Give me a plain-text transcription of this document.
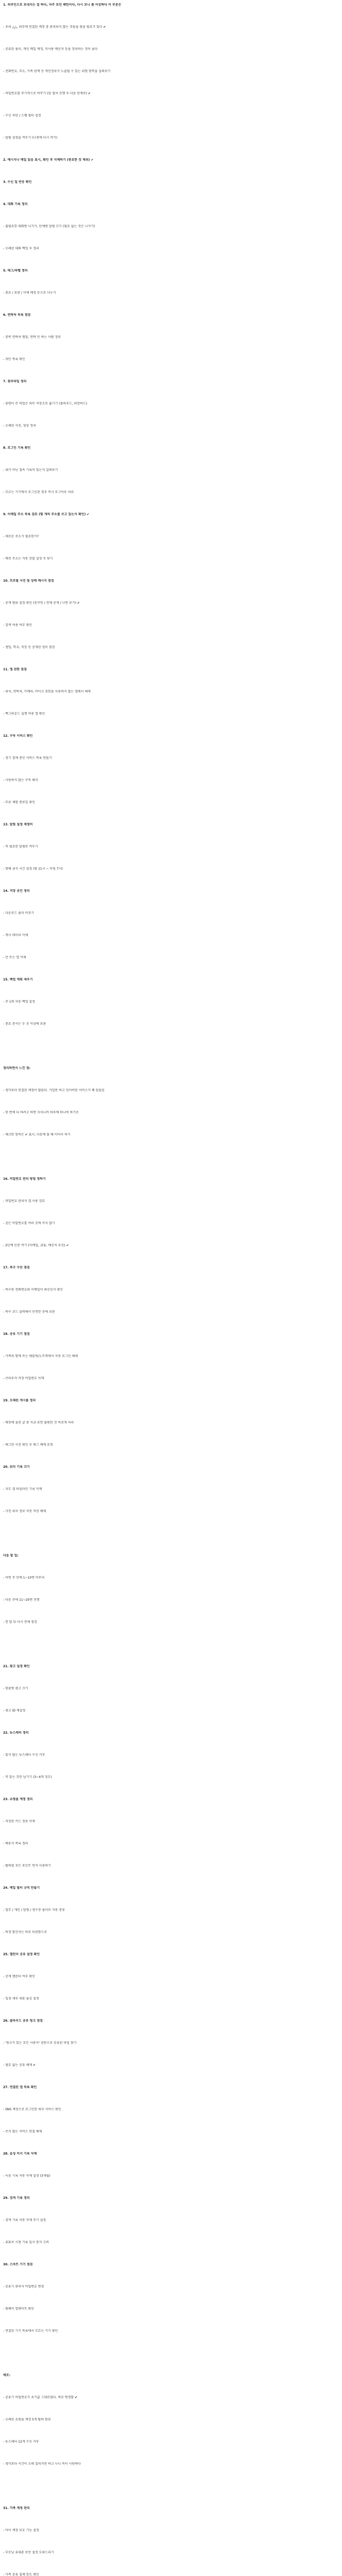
1. 외부인으로 보내지는 걸 하다, 자주 보던 패턴이다, 다시 보니 좀 이상하다 이 부분은
- 우리 △△, 외부에 연결된 계정 중 관리되지 않는 것들을 찾을 필요가 있다 ✔
- 공유된 폴더, 개인 메일 계정, 미사용 메신저 등을 정리하는 것이 좋다
- 전화번호, 주소, 가족 관계 등 개인정보가 노출될 수 있는 위험 항목을 살펴보기
- 비밀번호를 주기적으로 바꾸기 (앞 절차 진행 후 다음 단계로) ✔
- 수신 차단 / 스팸 필터 설정
- 알림 설정을 꺼두기 (나중에 다시 켜기)
2. 메시지나 메일 읽음 표시, 확인 후 삭제하기 (중요한 것 제외) ✔
3. 수신 일 반응 확인
4. 대화 기록 정리
- 불필요한 대화방 나가기, 단체방 알림 끄기 (필요 없는 것은 나가기)
- 오래된 대화 백업 후 정리
5. 태그/라벨 정리
- 중요 / 보관 / 삭제 예정 등으로 나누기
6. 연락처 목록 점검
- 중복 연락처 병합, 연락 안 하는 사람 정리
- 차단 목록 확인
7. 첨부파일 정리
- 용량이 큰 파일은 외부 저장소로 옮기기 (클라우드, 외장하드)
- 오래된 사진, 영상 정리
8. 로그인 기록 확인
- 내가 아닌 접속 기록이 있는지 살펴보기
- 모르는 기기에서 로그인된 경우 즉시 로그아웃 처리
9. 이메일 주소 목록 검토 (몇 개의 주소를 쓰고 있는지 확인) ✔
- 새로운 주소가 필요한가?
- 예전 주소는 자동 전달 설정 후 닫기
10. 프로필 사진 및 상태 메시지 점검
- 공개 범위 설정 확인 (친구만 / 전체 공개 / 나만 보기) ✔
- 검색 허용 여부 확인
- 생일, 학교, 직장 등 공개된 정보 점검
11. 앱 권한 점검
- 위치, 연락처, 카메라, 마이크 권한을 사용하지 않는 앱에서 해제
- 백그라운드 실행 허용 앱 확인
12. 구독 서비스 확인
- 정기 결제 중인 서비스 목록 만들기
- 사용하지 않는 구독 해지
- 무료 체험 종료일 확인
13. 알림 설정 재정비
- 꼭 필요한 알림만 켜두기
- 방해 금지 시간 설정 (밤 11시 ~ 아침 7시)
14. 저장 공간 정리
- 다운로드 폴더 비우기
- 캐시 데이터 삭제
- 안 쓰는 앱 삭제
15. 백업 계획 세우기
- 주 1회 자동 백업 설정
- 중요 문서는 두 곳 이상에 보관

정리하면서 느낀 점:
- 생각보다 연결된 계정이 많았다. 가입만 하고 잊어버린 서비스가 꽤 있었음
- 한 번에 다 하려고 하면 지치니까 하루에 하나씩 하기로
- 체크한 항목은 ✔ 표시, 다음에 볼 때 이어서 하기

16. 비밀번호 관리 방법 정하기
- 비밀번호 관리자 앱 사용 검토
- 같은 비밀번호를 여러 곳에 쓰지 않기
- 2단계 인증 켜기 (이메일, 금융, 메신저 우선) ✔
17. 복구 수단 점검
- 복구용 전화번호와 이메일이 최신인지 확인
- 복구 코드 출력해서 안전한 곳에 보관
18. 공유 기기 점검
- 가족과 함께 쓰는 태블릿/노트북에서 자동 로그인 해제
- 브라우저 저장 비밀번호 삭제
19. 오래된 게시물 정리
- 예전에 올린 글 중 지금 보면 불편한 것 비공개 처리
- 태그된 사진 확인 후 태그 해제 요청
20. 위치 기록 끄기
- 지도 앱 타임라인 기록 삭제
- 사진 위치 정보 자동 저장 해제

다음 할 일:
- 이번 주 안에 1~10번 마무리
- 다음 주에 11~20번 진행
- 한 달 뒤 다시 전체 점검

21. 광고 설정 확인
- 맞춤형 광고 끄기
- 광고 ID 재설정
22. 뉴스레터 정리
- 읽지 않는 뉴스레터 수신 거부
- 꼭 읽는 것만 남기기 (3~4개 정도)
23. 쇼핑몰 계정 정리
- 저장된 카드 정보 삭제
- 배송지 목록 정리
- 탈퇴할 곳은 포인트 먼저 사용하기
24. 메일 필터 규칙 만들기
- 업무 / 개인 / 알림 / 영수증 폴더로 자동 분류
- 특정 발신자는 바로 보관함으로
25. 캘린더 공유 설정 확인
- 공개 캘린더 여부 확인
- 일정 세부 내용 숨김 설정
26. 클라우드 공유 링크 점검
- '링크가 있는 모든 사용자' 권한으로 공유된 파일 찾기
- 필요 없는 공유 해제 ✔
27. 연결된 앱 목록 확인
- SNS 계정으로 로그인한 외부 서비스 확인
- 쓰지 않는 서비스 연결 해제
28. 음성 비서 기록 삭제
- 녹음 기록 자동 삭제 설정 (3개월)
29. 검색 기록 정리
- 검색 기록 자동 삭제 주기 설정
- 유튜브 시청 기록 일시 중지 고려
30. 스마트 기기 점검
- 공유기 관리자 비밀번호 변경
- 펌웨어 업데이트 확인
- 연결된 기기 목록에서 모르는 기기 확인

메모:
- 공유기 비밀번호가 초기값 그대로였다. 바로 변경함 ✔
- 오래된 쇼핑몰 계정 5개 탈퇴 완료
- 뉴스레터 12개 수신 거부
- 생각보다 시간이 오래 걸리지만 하고 나니 속이 시원하다

31. 가족 계정 관리
- 아이 계정 보호 기능 설정
- 부모님 휴대폰 보안 설정 도와드리기
- 가족 공유 결제 한도 확인
